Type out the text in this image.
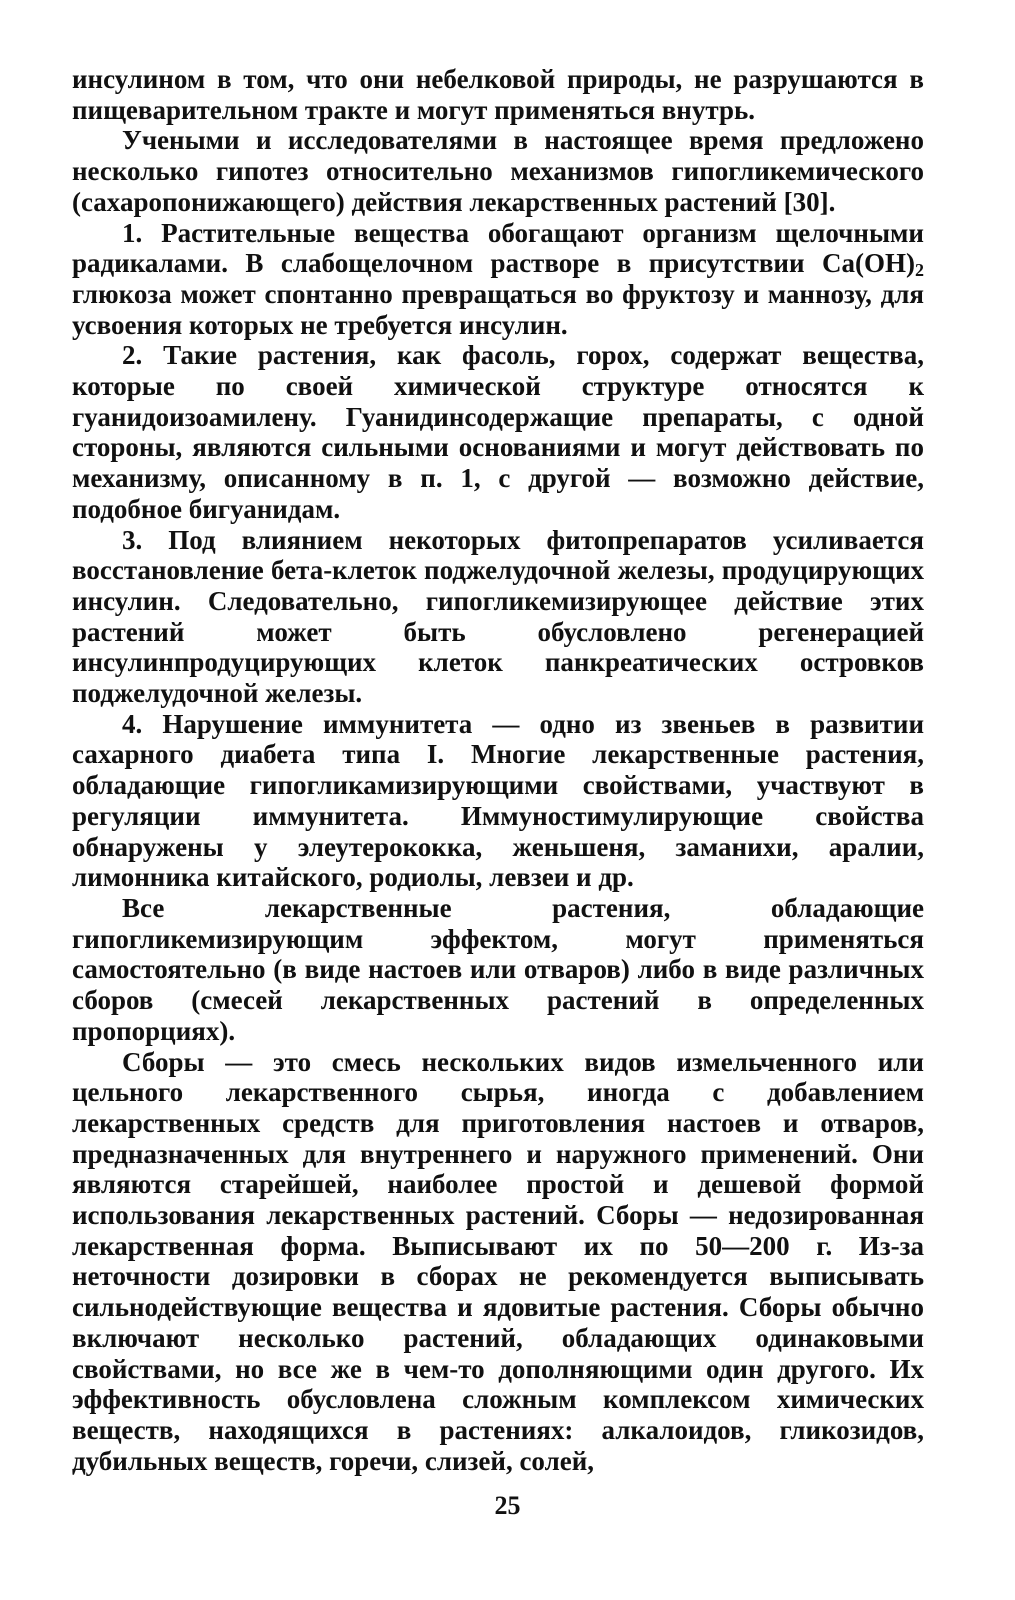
инсулином в том, что они небелковой природы, не разрушаются в пищеварительном тракте и могут применяться внутрь.

Учеными и исследователями в настоящее время предложено несколько гипотез относительно механизмов гипогликемического (сахаропонижающего) действия лекарственных растений [30].

1. Растительные вещества обогащают организм щелочными радикалами. В слабощелочном растворе в присутствии $Ca(OH)_2$ глюкоза может спонтанно превращаться во фруктозу и маннозу, для усвоения которых не требуется инсулин.

2. Такие растения, как фасоль, горох, содержат вещества, которые по своей химической структуре относятся к гуанидоизоамилену. Гуанидинсодержащие препараты, с одной стороны, являются сильными основаниями и могут действовать по механизму, описанному в п. 1, с другой — возможно действие, подобное бигуанидам.

3. Под влиянием некоторых фитопрепаратов усиливается восстановление бета-клеток поджелудочной железы, продуцирующих инсулин. Следовательно, гипогликемизирующее действие этих растений может быть обусловлено регенерацией инсулинпродуцирующих клеток панкреатических островков поджелудочной железы.

4. Нарушение иммунитета — одно из звеньев в развитии сахарного диабета типа I. Многие лекарственные растения, обладающие гипогликамизирующими свойствами, участвуют в регуляции иммунитета. Иммуностимулирующие свойства обнаружены у элеутерококка, женьшеня, заманихи, аралии, лимонника китайского, родиолы, левзеи и др.

Все лекарственные растения, обладающие гипогликемизирующим эффектом, могут применяться самостоятельно (в виде настоев или отваров) либо в виде различных сборов (смесей лекарственных растений в определенных пропорциях).

Сборы — это смесь нескольких видов измельченного или цельного лекарственного сырья, иногда с добавлением лекарственных средств для приготовления настоев и отваров, предназначенных для внутреннего и наружного применений. Они являются старейшей, наиболее простой и дешевой формой использования лекарственных растений. Сборы — недозированная лекарственная форма. Выписывают их по 50—200 г. Из-за неточности дозировки в сборах не рекомендуется выписывать сильнодействующие вещества и ядовитые растения. Сборы обычно включают несколько растений, обладающих одинаковыми свойствами, но все же в чем-то дополняющими один другого. Их эффективность обусловлена сложным комплексом химических веществ, находящихся в растениях: алкалоидов, гликозидов, дубильных веществ, горечи, слизей, солей,

25
